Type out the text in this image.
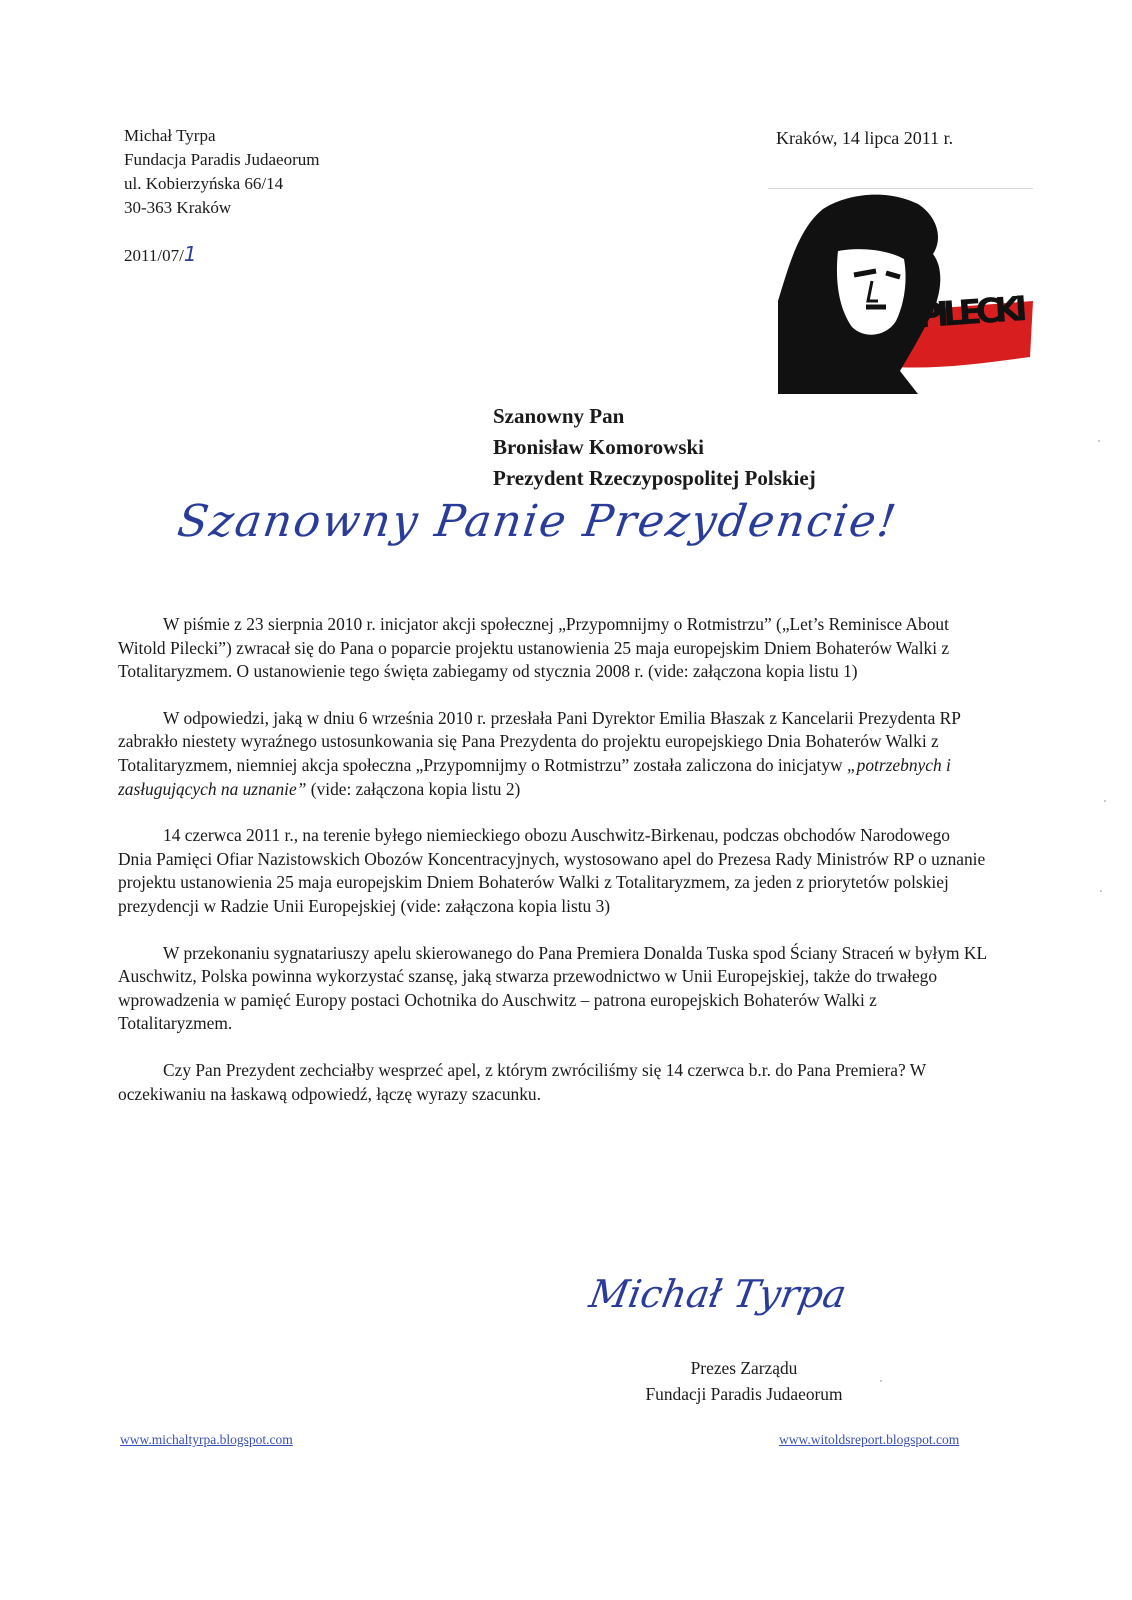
Michał Tyrpa
Fundacja Paradis Judaeorum
ul. Kobierzyńska 66/14
30-363 Kraków
2011/07/1
Kraków, 14 lipca 2011 r.
PILECKI
Szanowny Pan
Bronisław Komorowski
Prezydent Rzeczypospolitej Polskiej
Szanowny Panie Prezydencie!

W piśmie z 23 sierpnia 2010 r. inicjator akcji społecznej „Przypomnijmy o Rotmistrzu” („Let’s Reminisce About Witold Pilecki”) zwracał się do Pana o poparcie projektu ustanowienia 25 maja europejskim Dniem Bohaterów Walki z Totalitaryzmem. O ustanowienie tego święta zabiegamy od stycznia 2008 r. (vide: załączona kopia listu 1)

W odpowiedzi, jaką w dniu 6 września 2010 r. przesłała Pani Dyrektor Emilia Błaszak z Kancelarii Prezydenta RP zabrakło niestety wyraźnego ustosunkowania się Pana Prezydenta do projektu europejskiego Dnia Bohaterów Walki z Totalitaryzmem, niemniej akcja społeczna „Przypomnijmy o Rotmistrzu” została zaliczona do inicjatyw „potrzebnych i zasługujących na uznanie” (vide: załączona kopia listu 2)

14 czerwca 2011 r., na terenie byłego niemieckiego obozu Auschwitz-Birkenau, podczas obchodów Narodowego Dnia Pamięci Ofiar Nazistowskich Obozów Koncentracyjnych, wystosowano apel do Prezesa Rady Ministrów RP o uznanie projektu ustanowienia 25 maja europejskim Dniem Bohaterów Walki z Totalitaryzmem, za jeden z priorytetów polskiej prezydencji w Radzie Unii Europejskiej (vide: załączona kopia listu 3)

W przekonaniu sygnatariuszy apelu skierowanego do Pana Premiera Donalda Tuska spod Ściany Straceń w byłym KL Auschwitz, Polska powinna wykorzystać szansę, jaką stwarza przewodnictwo w Unii Europejskiej, także do trwałego wprowadzenia w pamięć Europy postaci Ochotnika do Auschwitz – patrona europejskich Bohaterów Walki z Totalitaryzmem.

Czy Pan Prezydent zechciałby wesprzeć apel, z którym zwróciliśmy się 14 czerwca b.r. do Pana Premiera? W oczekiwaniu na łaskawą odpowiedź, łączę wyrazy szacunku.

Michał Tyrpa
Prezes Zarządu
Fundacji Paradis Judaeorum
www.michaltyrpa.blogspot.com	www.witoldsreport.blogspot.com
